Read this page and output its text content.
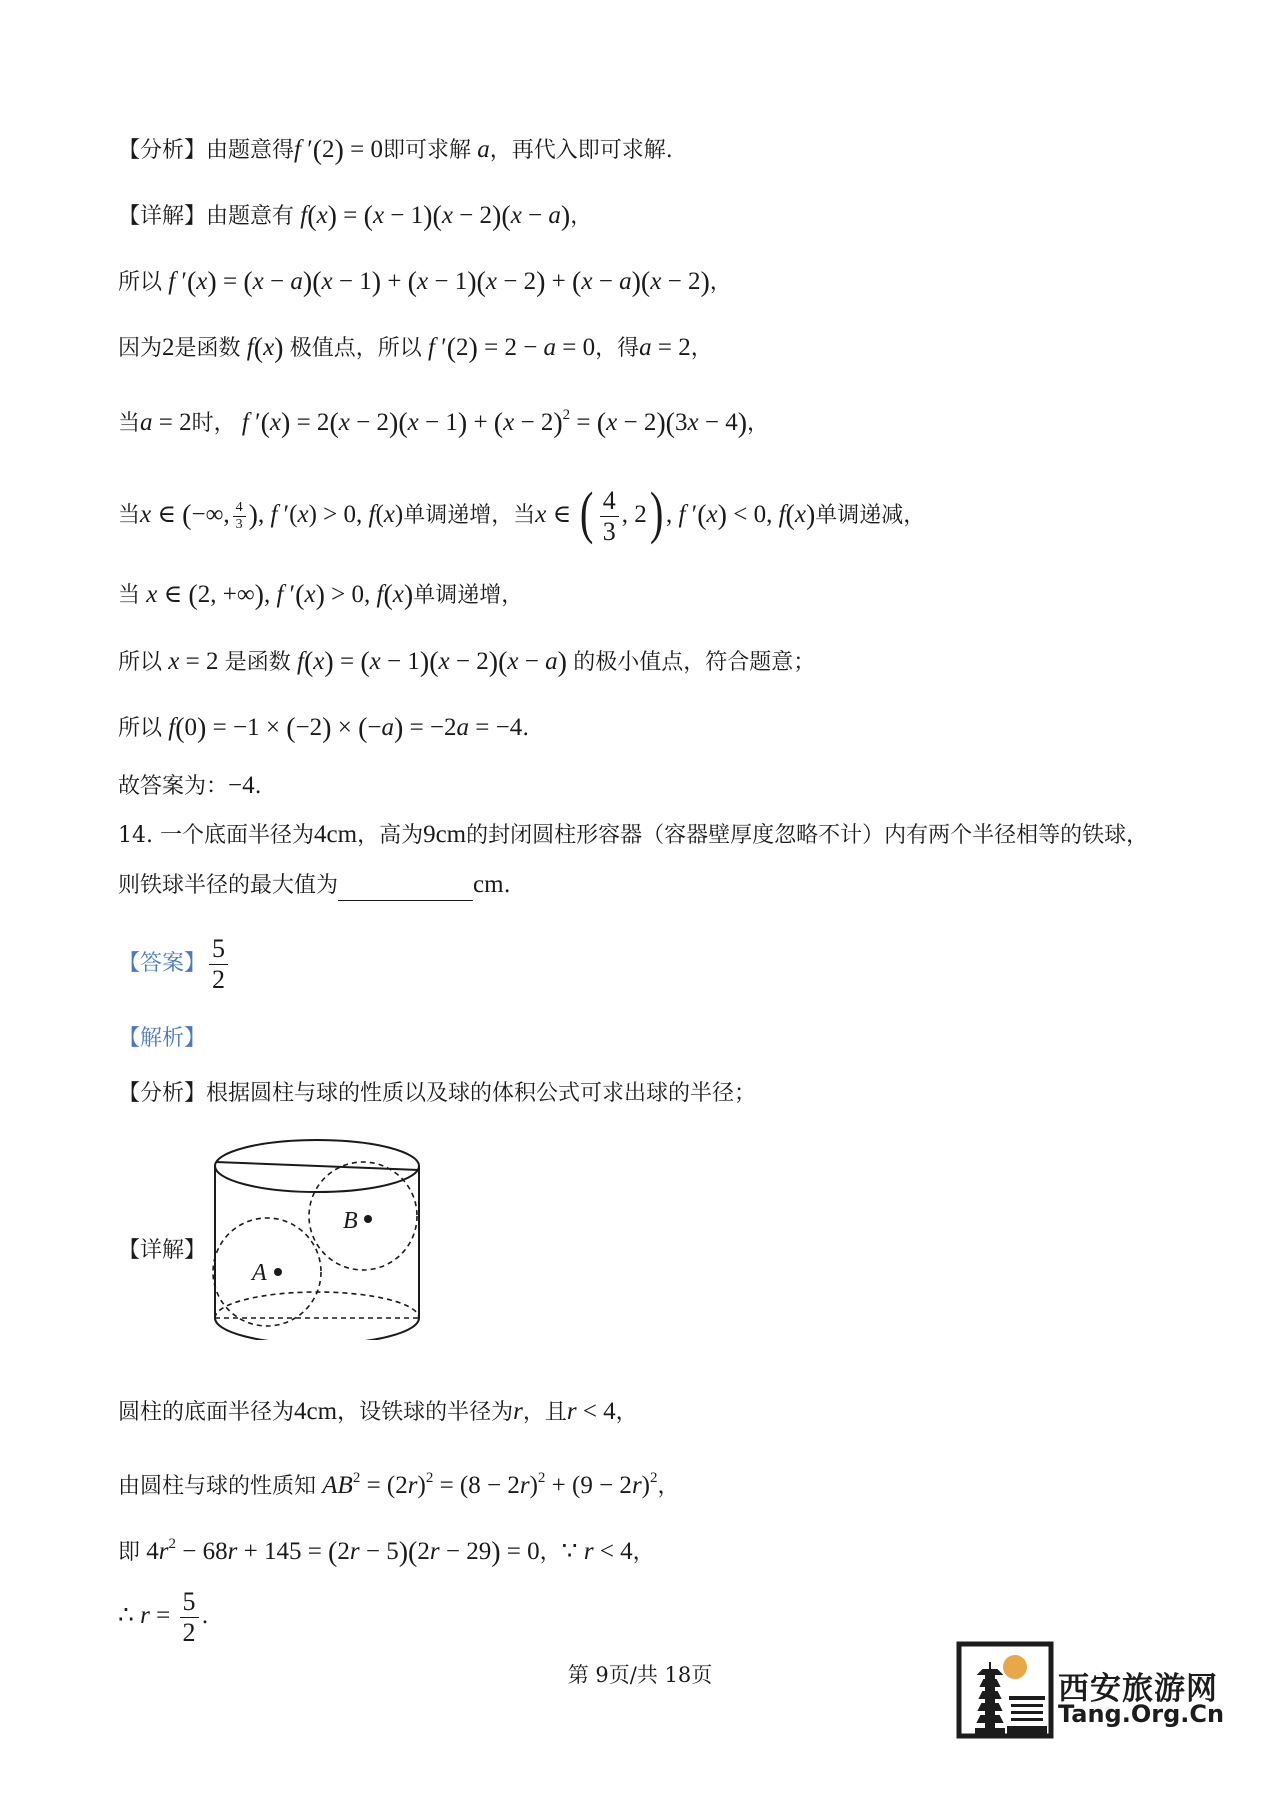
【分析】由题意得f ′(2) = 0即可求解 a，再代入即可求解.
【详解】由题意有 f(x) = (x − 1)(x − 2)(x − a)，
所以 f ′(x) = (x − a)(x − 1) + (x − 1)(x − 2) + (x − a)(x − 2)，
因为2是函数 f(x) 极值点，所以 f ′(2) = 2 − a = 0，得a = 2，
当a = 2时， f $'(x) = 2(x - 2)(x - 1) + (x - 2)^2 = (x - 2)(3x - 4)$，
当x ∈ (−∞, $\frac{4}{3}$ ), f ′(x) > 0, f(x)单调递增，当x ∈ ( $\frac{4}{3}$ , 2) , f ′(x) < 0, f(x)单调递减，
当 x ∈ (2, +∞), f ′(x) > 0, f(x)单调递增，
所以 x = 2 是函数 f(x) = (x − 1)(x − 2)(x − a) 的极小值点，符合题意；
所以 f(0) = −1 × (−2) × (−a) = −2a = −4.
故答案为：−4.
14. 一个底面半径为4cm，高为9cm的封闭圆柱形容器（容器壁厚度忽略不计）内有两个半径相等的铁球，
则铁球半径的最大值为	cm.
【答案】 $\frac{5}{2}$
【解析】
【分析】根据圆柱与球的性质以及球的体积公式可求出球的半径；
【详解】
A
B
圆柱的底面半径为4cm，设铁球的半径为r，且r < 4，
由圆柱与球的性质知 $AB^2 = (2r)^2 = (8 - 2r)^2 + (9 - 2r)^2$，
即 $4r^2 - 68r + 145 = (2r - 5)(2r - 29) = 0$，∵ r < 4，
∴ $r = \frac{5}{2}$ .
第 9页/共 18页	西安旅游网
Tang.Org.Cn
